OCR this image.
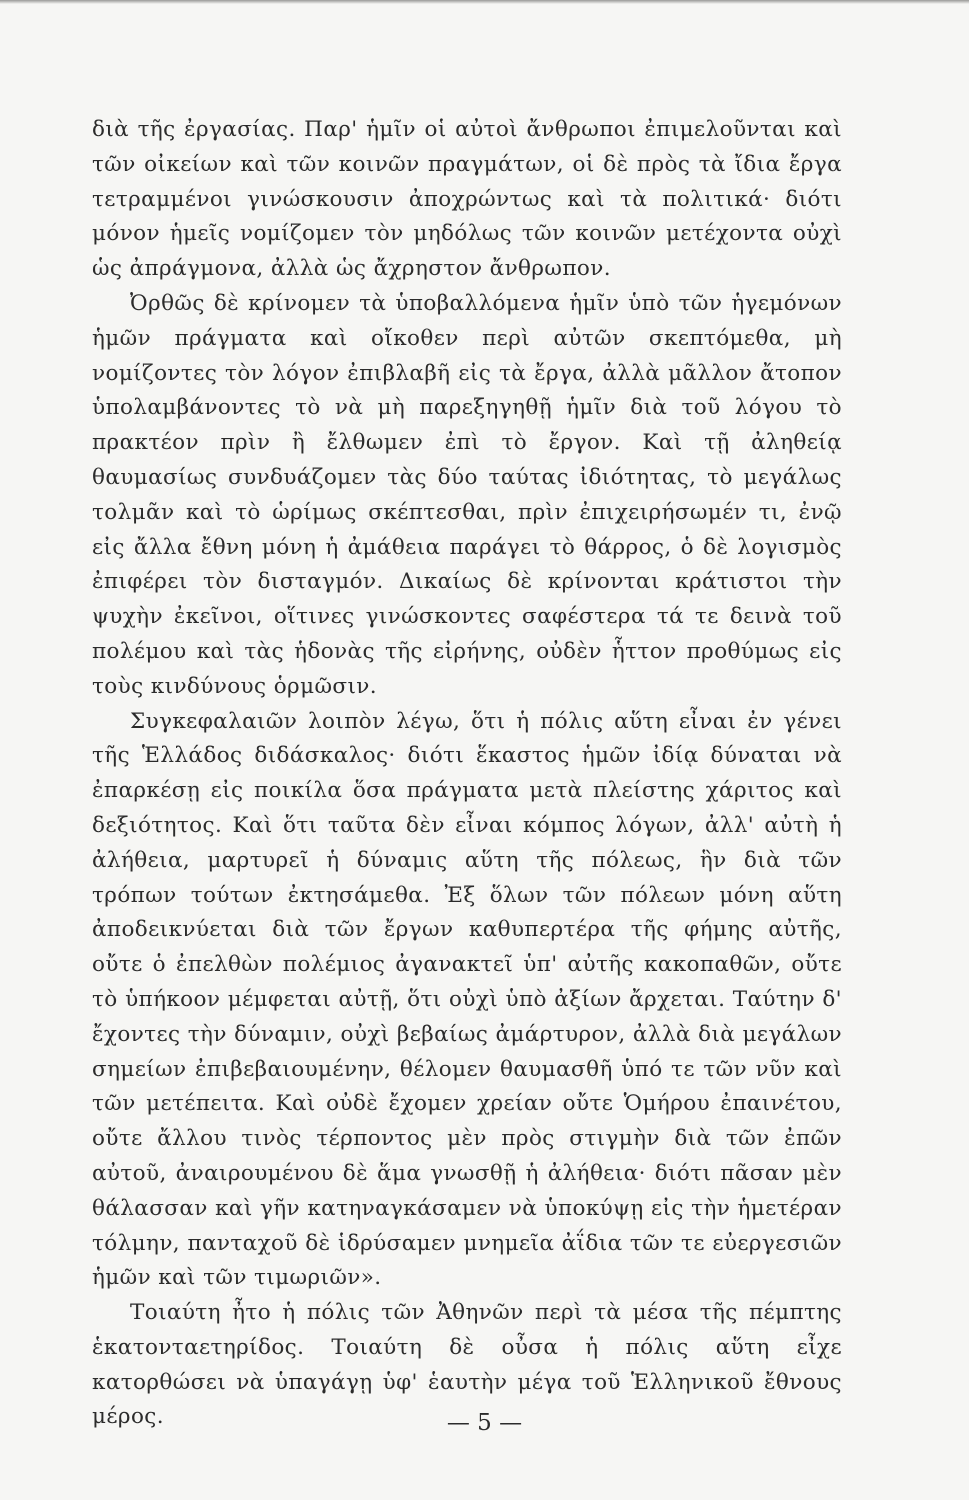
διὰ τῆς ἐργασίας. Παρ' ἡμῖν οἱ αὐτοὶ ἄνθρωποι ἐπιμελοῦνται καὶ τῶν οἰκείων καὶ τῶν κοινῶν πραγμάτων, οἱ δὲ πρὸς τὰ ἴδια ἔργα τετραμμένοι γινώσκουσιν ἀποχρώντως καὶ τὰ πολιτικά· διότι μόνον ἡμεῖς νομίζομεν τὸν μηδόλως τῶν κοινῶν μετέχοντα οὐχὶ ὡς ἀπράγμονα, ἀλλὰ ὡς ἄχρηστον ἄνθρωπον.

Ὀρθῶς δὲ κρίνομεν τὰ ὑποβαλλόμενα ἡμῖν ὑπὸ τῶν ἡγεμόνων ἡμῶν πράγματα καὶ οἴκοθεν περὶ αὐτῶν σκεπτόμεθα, μὴ νομίζοντες τὸν λόγον ἐπιβλαβῆ εἰς τὰ ἔργα, ἀλλὰ μᾶλλον ἄτοπον ὑπολαμβάνοντες τὸ νὰ μὴ παρεξηγηθῇ ἡμῖν διὰ τοῦ λόγου τὸ πρακτέον πρὶν ἢ ἔλθωμεν ἐπὶ τὸ ἔργον. Καὶ τῇ ἀληθείᾳ θαυμασίως συνδυάζομεν τὰς δύο ταύτας ἰδιότητας, τὸ μεγάλως τολμᾶν καὶ τὸ ὡρίμως σκέπτεσθαι, πρὶν ἐπιχειρήσωμέν τι, ἐνῷ εἰς ἄλλα ἔθνη μόνη ἡ ἀμάθεια παράγει τὸ θάρρος, ὁ δὲ λογισμὸς ἐπιφέρει τὸν δισταγμόν. Δικαίως δὲ κρίνονται κράτιστοι τὴν ψυχὴν ἐκεῖνοι, οἵτινες γινώσκοντες σαφέστερα τά τε δεινὰ τοῦ πολέμου καὶ τὰς ἡδονὰς τῆς εἰρήνης, οὐδὲν ἧττον προθύμως εἰς τοὺς κινδύνους ὁρμῶσιν.

Συγκεφαλαιῶν λοιπὸν λέγω, ὅτι ἡ πόλις αὕτη εἶναι ἐν γένει τῆς Ἑλλάδος διδάσκαλος· διότι ἕκαστος ἡμῶν ἰδίᾳ δύναται νὰ ἐπαρκέσῃ εἰς ποικίλα ὅσα πράγματα μετὰ πλείστης χάριτος καὶ δεξιότητος. Καὶ ὅτι ταῦτα δὲν εἶναι κόμπος λόγων, ἀλλ' αὐτὴ ἡ ἀλήθεια, μαρτυρεῖ ἡ δύναμις αὕτη τῆς πόλεως, ἣν διὰ τῶν τρόπων τούτων ἐκτησάμεθα. Ἐξ ὅλων τῶν πόλεων μόνη αὕτη ἀποδεικνύεται διὰ τῶν ἔργων καθυπερτέρα τῆς φήμης αὐτῆς, οὔτε ὁ ἐπελθὼν πολέμιος ἀγανακτεῖ ὑπ' αὐτῆς κακοπαθῶν, οὔτε τὸ ὑπήκοον μέμφεται αὐτῇ, ὅτι οὐχὶ ὑπὸ ἀξίων ἄρχεται. Ταύτην δ' ἔχοντες τὴν δύναμιν, οὐχὶ βεβαίως ἀμάρτυρον, ἀλλὰ διὰ μεγάλων σημείων ἐπιβεβαιουμένην, θέλομεν θαυμασθῆ ὑπό τε τῶν νῦν καὶ τῶν μετέπειτα. Καὶ οὐδὲ ἔχομεν χρείαν οὔτε Ὁμήρου ἐπαινέτου, οὔτε ἄλλου τινὸς τέρποντος μὲν πρὸς στιγμὴν διὰ τῶν ἐπῶν αὐτοῦ, ἀναιρουμένου δὲ ἅμα γνωσθῇ ἡ ἀλήθεια· διότι πᾶσαν μὲν θάλασσαν καὶ γῆν κατηναγκάσαμεν νὰ ὑποκύψῃ εἰς τὴν ἡμετέραν τόλμην, πανταχοῦ δὲ ἱδρύσαμεν μνημεῖα ἀΐδια τῶν τε εὐεργεσιῶν ἡμῶν καὶ τῶν τιμωριῶν».

Τοιαύτη ἦτο ἡ πόλις τῶν Ἀθηνῶν περὶ τὰ μέσα τῆς πέμπτης ἑκατονταετηρίδος. Τοιαύτη δὲ οὖσα ἡ πόλις αὕτη εἶχε κατορθώσει νὰ ὑπαγάγῃ ὑφ' ἑαυτὴν μέγα τοῦ Ἑλληνικοῦ ἔθνους μέρος.	— 5 —
